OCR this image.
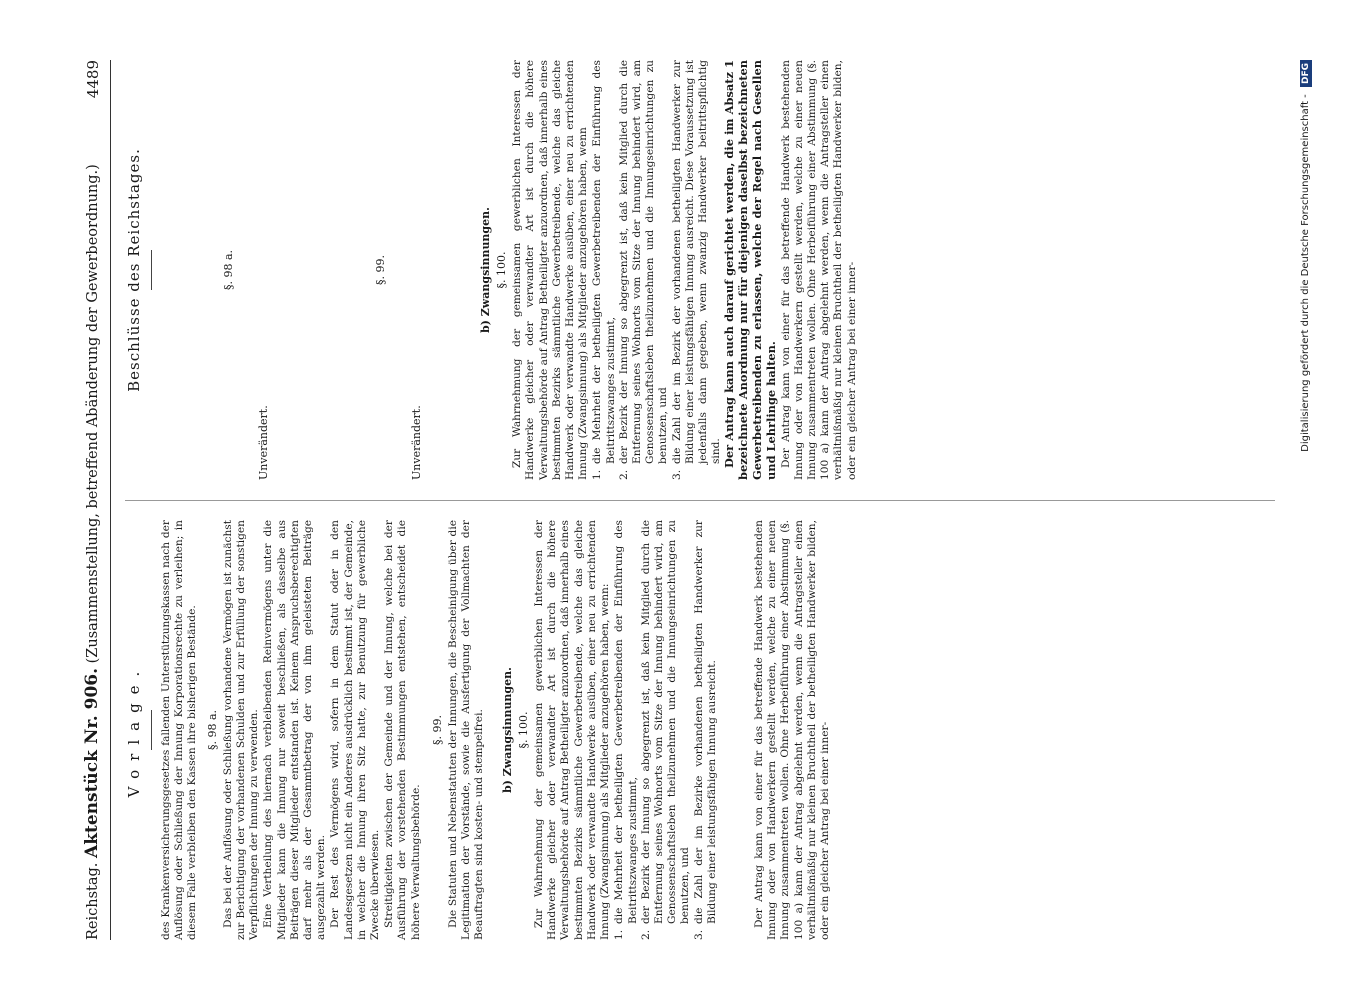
Reichstag. Aktenstück Nr. 906. (Zusammenstellung, betreffend Abänderung der Gewerbeordnung.)
4489
Vorlage. des Krankenversicherungsgesetzes fallenden Unterstützungskassen nach der Auflösung oder Schließung der Innung Korporationsrechte zu verleihen; in diesem Falle verbleiben den Kassen ihre bisherigen Bestände. §. 98 a. Das bei der Auflösung oder Schließung vorhandene Vermögen ist zunächst zur Berichtigung der vorhandenen Schulden und zur Erfüllung der sonstigen Verpflichtungen der Innung zu verwenden. Eine Vertheilung des hiernach verbleibenden Reinvermögens unter die Mitglieder kann die Innung nur soweit beschließen, als dasselbe aus Beiträgen dieser Mitglieder entstanden ist. Keinem Anspruchsberechtigten darf mehr als der Gesammtbetrag der von ihm geleisteten Beiträge ausgezahlt werden. Der Rest des Vermögens wird, sofern in dem Statut oder in den Landesgesetzen nicht ein Anderes ausdrücklich bestimmt ist, der Gemeinde, in welcher die Innung ihren Sitz hatte, zur Benutzung für gewerbliche Zwecke überwiesen. Streitigkeiten zwischen der Gemeinde und der Innung, welche bei der Ausführung der vorstehenden Bestimmungen entstehen, entscheidet die höhere Verwaltungsbehörde.

§. 99. Die Statuten und Nebenstatuten der Innungen, die Bescheinigung über die Legitimation der Vorstände, sowie die Ausfertigung der Vollmachten der Beauftragten sind kosten- und stempelfrei. b) Zwangsinnungen. §. 100. Zur Wahrnehmung der gemeinsamen gewerblichen Interessen der Handwerke gleicher oder verwandter Art ist durch die höhere Verwaltungsbehörde auf Antrag Betheiligter anzuordnen, daß innerhalb eines bestimmten Bezirks sämmtliche Gewerbetreibende, welche das gleiche Handwerk oder verwandte Handwerke ausüben, einer neu zu errichtenden Innung (Zwangsinnung) als Mitglieder anzugehören haben, wenn: 1.
die Mehrheit der betheiligten Gewerbetreibenden der Einführung des Beitrittszwanges zustimmt,
2.
der Bezirk der Innung so abgegrenzt ist, daß kein Mitglied durch die Entfernung seines Wohnorts vom Sitze der Innung behindert wird, am Genossenschaftsleben theilzunehmen und die Innungseinrichtungen zu benutzen, und
3.
die Zahl der im Bezirke vorhandenen betheiligten Handwerker zur Bildung einer leistungsfähigen Innung ausreicht.	Der Antrag kann von einer für das betreffende Handwerk bestehenden Innung oder von Handwerkern gestellt werden, welche zu einer neuen Innung zusammentreten wollen. Ohne Herbeiführung einer Abstimmung (§. 100 a) kann der Antrag abgelehnt werden, wenn die Antragsteller einen verhältnißmäßig nur kleinen Bruchtheil der betheiligten Handwerker bilden, oder ein gleicher Antrag bei einer inner-

Beschlüsse des Reichstages.	§. 98 a.
Unverändert.
§. 99.
Unverändert.
b) Zwangsinnungen. §. 100. Zur Wahrnehmung der gemeinsamen gewerblichen Interessen der Handwerke gleicher oder verwandter Art ist durch die höhere Verwaltungsbehörde auf Antrag Betheiligter anzuordnen, daß innerhalb eines bestimmten Bezirks sämmtliche Gewerbetreibende, welche das gleiche Handwerk oder verwandte Handwerke ausüben, einer neu zu errichtenden Innung (Zwangsinnung) als Mitglieder anzugehören haben, wenn 1.
die Mehrheit der betheiligten Gewerbetreibenden der Einführung des Beitrittszwanges zustimmt,
2.
der Bezirk der Innung so abgegrenzt ist, daß kein Mitglied durch die Entfernung seines Wohnorts vom Sitze der Innung behindert wird, am Genossenschaftsleben theilzunehmen und die Innungseinrichtungen zu benutzen, und
3.
die Zahl der im Bezirk der vorhandenen betheiligten Handwerker zur Bildung einer leistungsfähigen Innung ausreicht. Diese Voraussetzung ist jedenfalls dann gegeben, wenn zwanzig Handwerker beitrittspflichtig sind. Der Antrag kann auch darauf gerichtet werden, die im Absatz 1 bezeichnete Anordnung nur für diejenigen daselbst bezeichneten Gewerbetreibenden zu erlassen, welche der Regel nach Gesellen und Lehrlinge halten. Der Antrag kann von einer für das betreffende Handwerk bestehenden Innung oder von Handwerkern gestellt werden, welche zu einer neuen Innung zusammentreten wollen. Ohne Herbeiführung einer Abstimmung (§. 100 a) kann der Antrag abgelehnt werden, wenn die Antragsteller einen verhältnißmäßig nur kleinen Bruchtheil der betheiligten Handwerker bilden, oder ein gleicher Antrag bei einer inner-	Digitalisierung gefördert durch die Deutsche Forschungsgemeinschaft - DFG
